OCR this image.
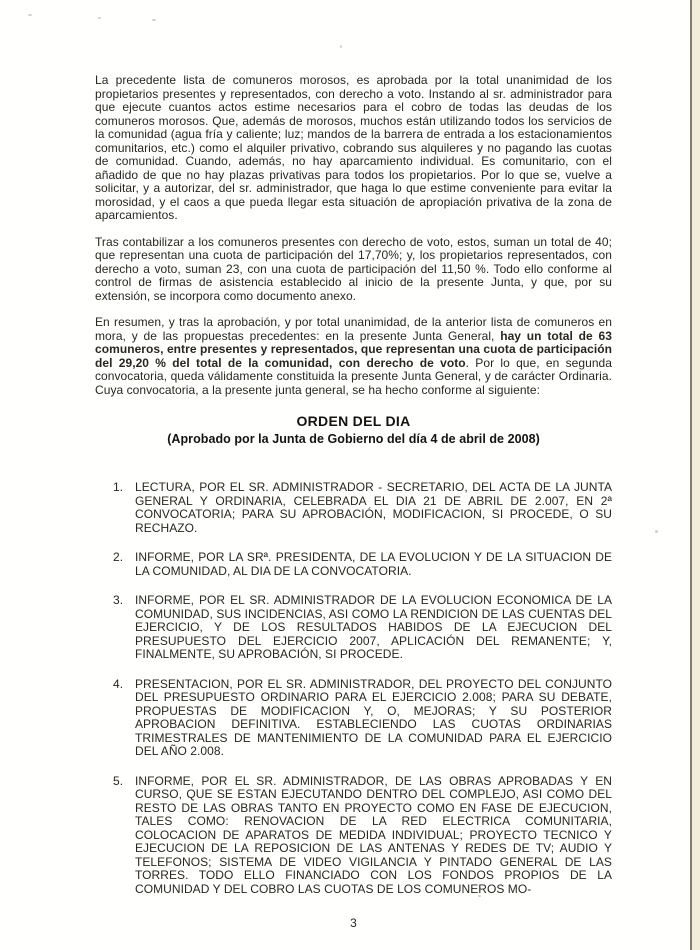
La precedente lista de comuneros morosos, es aprobada por la total unanimidad de los propietarios presentes y representados, con derecho a voto. Instando al sr. administrador para que ejecute cuantos actos estime necesarios para el cobro de todas las deudas de los comuneros morosos. Que, además de morosos, muchos están utilizando todos los servicios de la comunidad (agua fría y caliente; luz; mandos de la barrera de entrada a los estacionamientos comunitarios, etc.) como el alquiler privativo, cobrando sus alquileres y no pagando las cuotas de comunidad. Cuando, además, no hay aparcamiento individual. Es comunitario, con el añadido de que no hay plazas privativas para todos los propietarios. Por lo que se, vuelve a solicitar, y a autorizar, del sr. administrador, que haga lo que estime conveniente para evitar la morosidad, y el caos a que pueda llegar esta situación de apropiación privativa de la zona de aparcamientos.

Tras contabilizar a los comuneros presentes con derecho de voto, estos, suman un total de 40; que representan una cuota de participación del 17,70%; y, los propietarios representados, con derecho a voto, suman 23, con una cuota de participación del 11,50 %. Todo ello conforme al control de firmas de asistencia establecido al inicio de la presente Junta, y que, por su extensión, se incorpora como documento anexo.

En resumen, y tras la aprobación, y por total unanimidad, de la anterior lista de comuneros en mora, y de las propuestas precedentes: en la presente Junta General, hay un total de 63 comuneros, entre presentes y representados, que representan una cuota de participación del 29,20 % del total de la comunidad, con derecho de voto. Por lo que, en segunda convocatoria, queda válidamente constituida la presente Junta General, y de carácter Ordinaria. Cuya convocatoria, a la presente junta general, se ha hecho conforme al siguiente:

ORDEN DEL DIA
(Aprobado por la Junta de Gobierno del día 4 de abril de 2008)
1. LECTURA, POR EL SR. ADMINISTRADOR - SECRETARIO, DEL ACTA DE LA JUNTA GENERAL Y ORDINARIA, CELEBRADA EL DIA 21 DE ABRIL DE 2.007, EN 2ª CONVOCATORIA; PARA SU APROBACIÓN, MODIFICACION, SI PROCEDE, O SU RECHAZO.
2. INFORME, POR LA SRª. PRESIDENTA, DE LA EVOLUCION Y DE LA SITUACION DE LA COMUNIDAD, AL DIA DE LA CONVOCATORIA.
3. INFORME, POR EL SR. ADMINISTRADOR DE LA EVOLUCION ECONOMICA DE LA COMUNIDAD, SUS INCIDENCIAS, ASI COMO LA RENDICION DE LAS CUENTAS DEL EJERCICIO, Y DE LOS RESULTADOS HABIDOS DE LA EJECUCION DEL PRESUPUESTO DEL EJERCICIO 2007, APLICACIÓN DEL REMANENTE; Y, FINALMENTE, SU APROBACIÓN, SI PROCEDE.
4. PRESENTACION, POR EL SR. ADMINISTRADOR, DEL PROYECTO DEL CONJUNTO DEL PRESUPUESTO ORDINARIO PARA EL EJERCICIO 2.008; PARA SU DEBATE, PROPUESTAS DE MODIFICACION Y, O, MEJORAS; Y SU POSTERIOR APROBACION DEFINITIVA. ESTABLECIENDO LAS CUOTAS ORDINARIAS TRIMESTRALES DE MANTENIMIENTO DE LA COMUNIDAD PARA EL EJERCICIO DEL AÑO 2.008.
5. INFORME, POR EL SR. ADMINISTRADOR, DE LAS OBRAS APROBADAS Y EN CURSO, QUE SE ESTAN EJECUTANDO DENTRO DEL COMPLEJO, ASI COMO DEL RESTO DE LAS OBRAS TANTO EN PROYECTO COMO EN FASE DE EJECUCION, TALES COMO: RENOVACION DE LA RED ELECTRICA COMUNITARIA, COLOCACION DE APARATOS DE MEDIDA INDIVIDUAL; PROYECTO TECNICO Y EJECUCION DE LA REPOSICION DE LAS ANTENAS Y REDES DE TV; AUDIO Y TELEFONOS; SISTEMA DE VIDEO VIGILANCIA Y PINTADO GENERAL DE LAS TORRES. TODO ELLO FINANCIADO CON LOS FONDOS PROPIOS DE LA COMUNIDAD Y DEL COBRO LAS CUOTAS DE LOS COMUNEROS MO-
3
